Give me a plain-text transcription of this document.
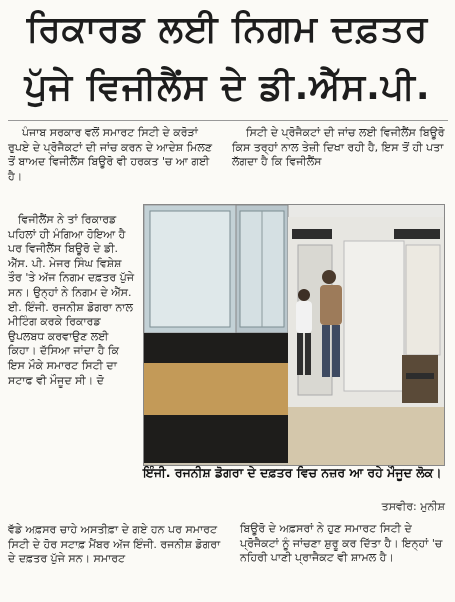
ਰਿਕਾਰਡ ਲਈ ਨਿਗਮ ਦਫ਼ਤਰ
ਪੁੱਜੇ ਵਿਜੀਲੈਂਸ ਦੇ ਡੀ.ਐੱਸ.ਪੀ.

ਪੰਜਾਬ ਸਰਕਾਰ ਵਲੋਂ ਸਮਾਰਟ ਸਿਟੀ ਦੇ ਕਰੋੜਾਂ ਰੁਪਏ ਦੇ ਪ੍ਰੋਜੈਕਟਾਂ ਦੀ ਜਾਂਚ ਕਰਨ ਦੇ ਆਦੇਸ਼ ਮਿਲਣ ਤੋਂ ਬਾਅਦ ਵਿਜੀਲੈਂਸ ਬਿਊਰੋ ਵੀ ਹਰਕਤ 'ਚ ਆ ਗਈ ਹੈ।

ਸਿਟੀ ਦੇ ਪ੍ਰੋਜੈਕਟਾਂ ਦੀ ਜਾਂਚ ਲਈ ਵਿਜੀਲੈਂਸ ਬਿਊਰੋ ਕਿਸ ਤਰ੍ਹਾਂ ਨਾਲ ਤੇਜ਼ੀ ਦਿਖਾ ਰਹੀ ਹੈ, ਇਸ ਤੋਂ ਹੀ ਪਤਾ ਲੱਗਦਾ ਹੈ ਕਿ ਵਿਜੀਲੈਂਸ

ਵਿਜੀਲੈਂਸ ਨੇ ਤਾਂ ਰਿਕਾਰਡ ਪਹਿਲਾਂ ਹੀ ਮੰਗਿਆ ਹੋਇਆ ਹੈ ਪਰ ਵਿਜੀਲੈਂਸ ਬਿਊਰੋ ਦੇ ਡੀ. ਐੱਸ. ਪੀ. ਮੇਜਰ ਸਿੰਘ ਵਿਸ਼ੇਸ਼ ਤੌਰ 'ਤੇ ਅੱਜ ਨਿਗਮ ਦਫ਼ਤਰ ਪੁੱਜੇ ਸਨ। ਉਨ੍ਹਾਂ ਨੇ ਨਿਗਮ ਦੇ ਐੱਸ. ਈ. ਇੰਜੀ. ਰਜਨੀਸ਼ ਡੋਗਰਾ ਨਾਲ ਮੀਟਿੰਗ ਕਰਕੇ ਰਿਕਾਰਡ ਉਪਲਬਧ ਕਰਵਾਉਣ ਲਈ ਕਿਹਾ। ਦੱਸਿਆ ਜਾਂਦਾ ਹੈ ਕਿ ਇਸ ਮੌਕੇ ਸਮਾਰਟ ਸਿਟੀ ਦਾ ਸਟਾਫ ਵੀ ਮੌਜੂਦ ਸੀ। ਦੋ

ਇੰਜੀ. ਰਜਨੀਸ਼ ਡੋਗਰਾ ਦੇ ਦਫ਼ਤਰ ਵਿਚ ਨਜ਼ਰ ਆ ਰਹੇ ਮੌਜੂਦ ਲੋਕ।
ਤਸਵੀਰ: ਮੁਨੀਸ਼

ਵੱਡੇ ਅਫ਼ਸਰ ਚਾਹੇ ਅਸਤੀਫ਼ਾ ਦੇ ਗਏ ਹਨ ਪਰ ਸਮਾਰਟ ਸਿਟੀ ਦੇ ਹੋਰ ਸਟਾਫ਼ ਮੈਂਬਰ ਅੱਜ ਇੰਜੀ. ਰਜਨੀਸ਼ ਡੋਗਰਾ ਦੇ ਦਫ਼ਤਰ ਪੁੱਜੇ ਸਨ। ਸਮਾਰਟ

ਬਿਊਰੋ ਦੇ ਅਫ਼ਸਰਾਂ ਨੇ ਹੁਣ ਸਮਾਰਟ ਸਿਟੀ ਦੇ ਪ੍ਰੋਜੈਕਟਾਂ ਨੂੰ ਜਾਂਚਣਾ ਸ਼ੁਰੂ ਕਰ ਦਿੱਤਾ ਹੈ। ਇਨ੍ਹਾਂ 'ਚ ਨਹਿਰੀ ਪਾਣੀ ਪ੍ਰਾਜੈਕਟ ਵੀ ਸ਼ਾਮਲ ਹੈ।
